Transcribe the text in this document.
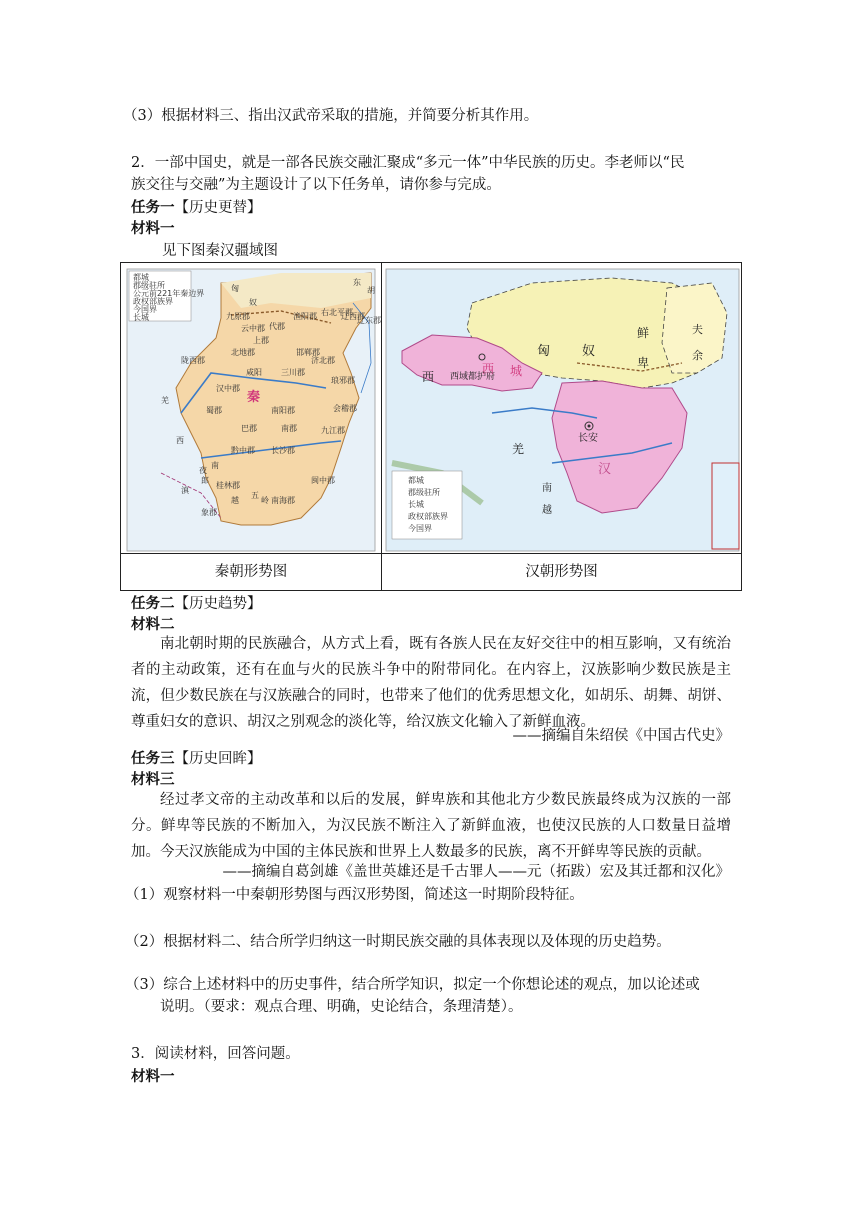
（3）根据材料三、指出汉武帝采取的措施，并简要分析其作用。
2．一部中国史，就是一部各民族交融汇聚成“多元一体”中华民族的历史。李老师以“民
族交往与交融”为主题设计了以下任务单，请你参与完成。
任务一【历史更替】
材料一
见下图秦汉疆域图
都城
郡级驻所
公元前221年秦边界
政权部族界
今国界
长城
秦
东
胡
匈
奴
九原郡
云中郡
上郡
代郡
渔阳郡 右北平郡
辽西郡
辽东郡
北地郡
陇西郡
咸阳 三川郡
邯郸郡
济北郡
琅邪郡
汉中郡
南阳郡
蜀郡
巴郡	南郡	九江郡
会稽郡
长沙郡
黔中郡
闽中郡
南海郡
桂林郡
象郡
羌
西
南
夜
郎
滇
越
五
岭
秦朝形势图
都城
郡级驻所
长城
政权部族界
今国界
匈 奴
西 城
西域都护府
长安
汉
鲜
卑
夫
余
羌
南
越
西
汉朝形势图
任务二【历史趋势】
材料二
南北朝时期的民族融合，从方式上看，既有各族人民在友好交往中的相互影响，又有统治者的主动政策，还有在血与火的民族斗争中的附带同化。在内容上，汉族影响少数民族是主流，但少数民族在与汉族融合的同时，也带来了他们的优秀思想文化，如胡乐、胡舞、胡饼、尊重妇女的意识、胡汉之别观念的淡化等，给汉族文化输入了新鲜血液。
——摘编自朱绍侯《中国古代史》
任务三【历史回眸】
材料三
经过孝文帝的主动改革和以后的发展，鲜卑族和其他北方少数民族最终成为汉族的一部分。鲜卑等民族的不断加入，为汉民族不断注入了新鲜血液，也使汉民族的人口数量日益增加。今天汉族能成为中国的主体民族和世界上人数最多的民族，离不开鲜卑等民族的贡献。
——摘编自葛剑雄《盖世英雄还是千古罪人——元（拓跋）宏及其迁都和汉化》
（1）观察材料一中秦朝形势图与西汉形势图，简述这一时期阶段特征。
（2）根据材料二、结合所学归纳这一时期民族交融的具体表现以及体现的历史趋势。
（3）综合上述材料中的历史事件，结合所学知识，拟定一个你想论述的观点，加以论述或
说明。（要求：观点合理、明确，史论结合，条理清楚）。
3．阅读材料，回答问题。
材料一
